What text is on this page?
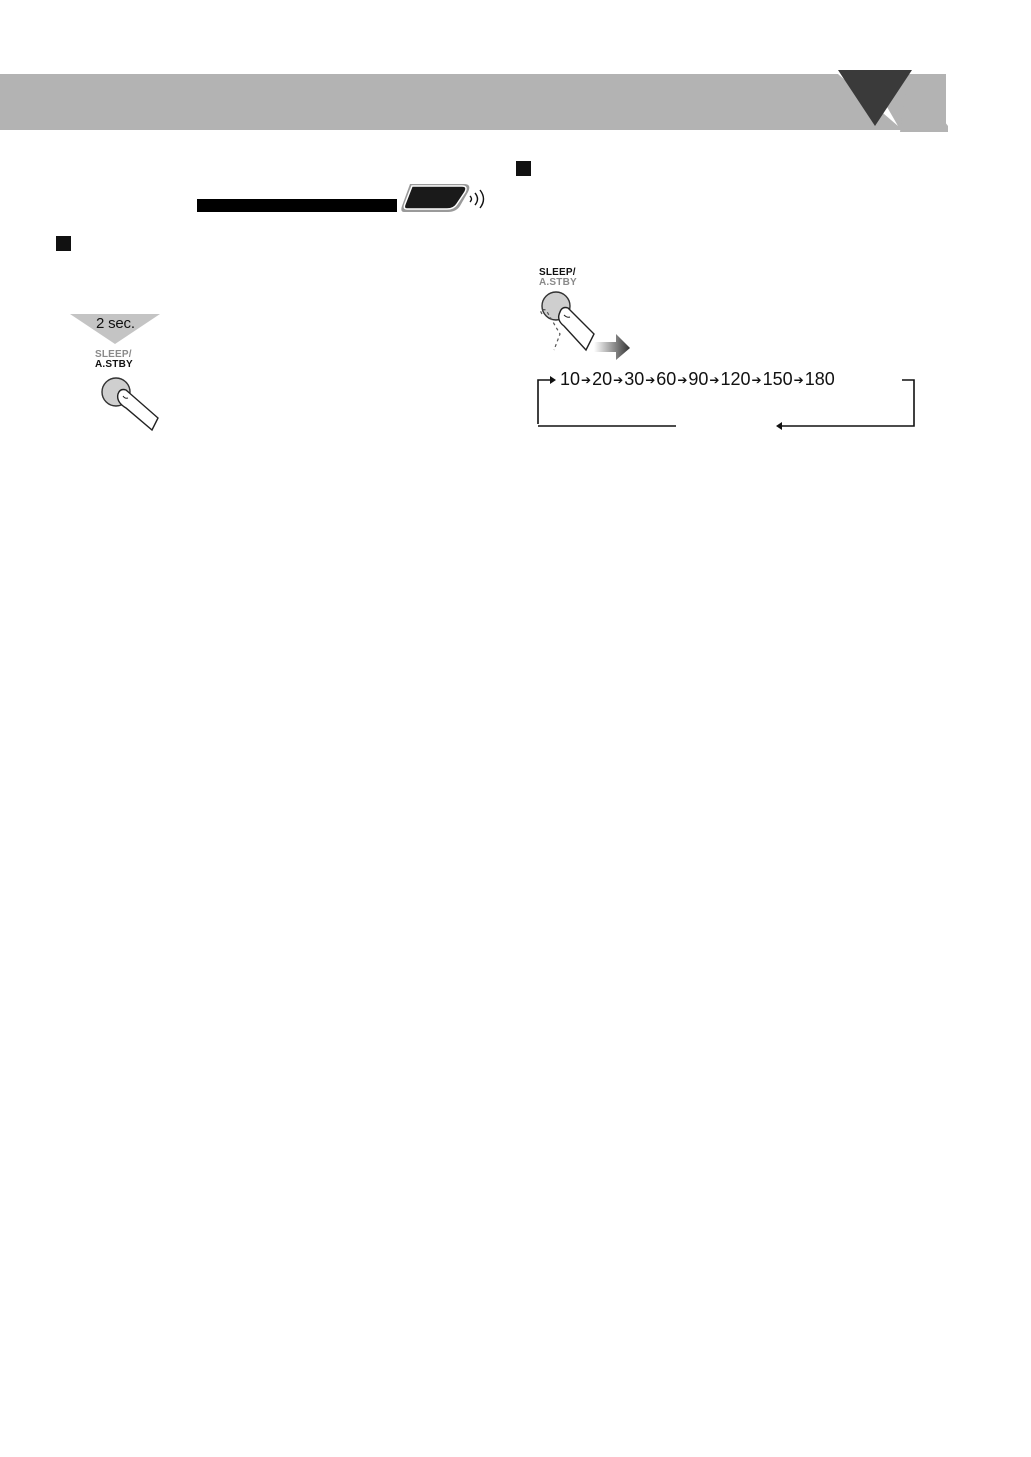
2 sec.
SLEEP/
A.STBY
SLEEP/
A.STBY
10 ➔ 20 ➔ 30 ➔ 60 ➔ 90 ➔ 120 ➔ 150 ➔ 180
